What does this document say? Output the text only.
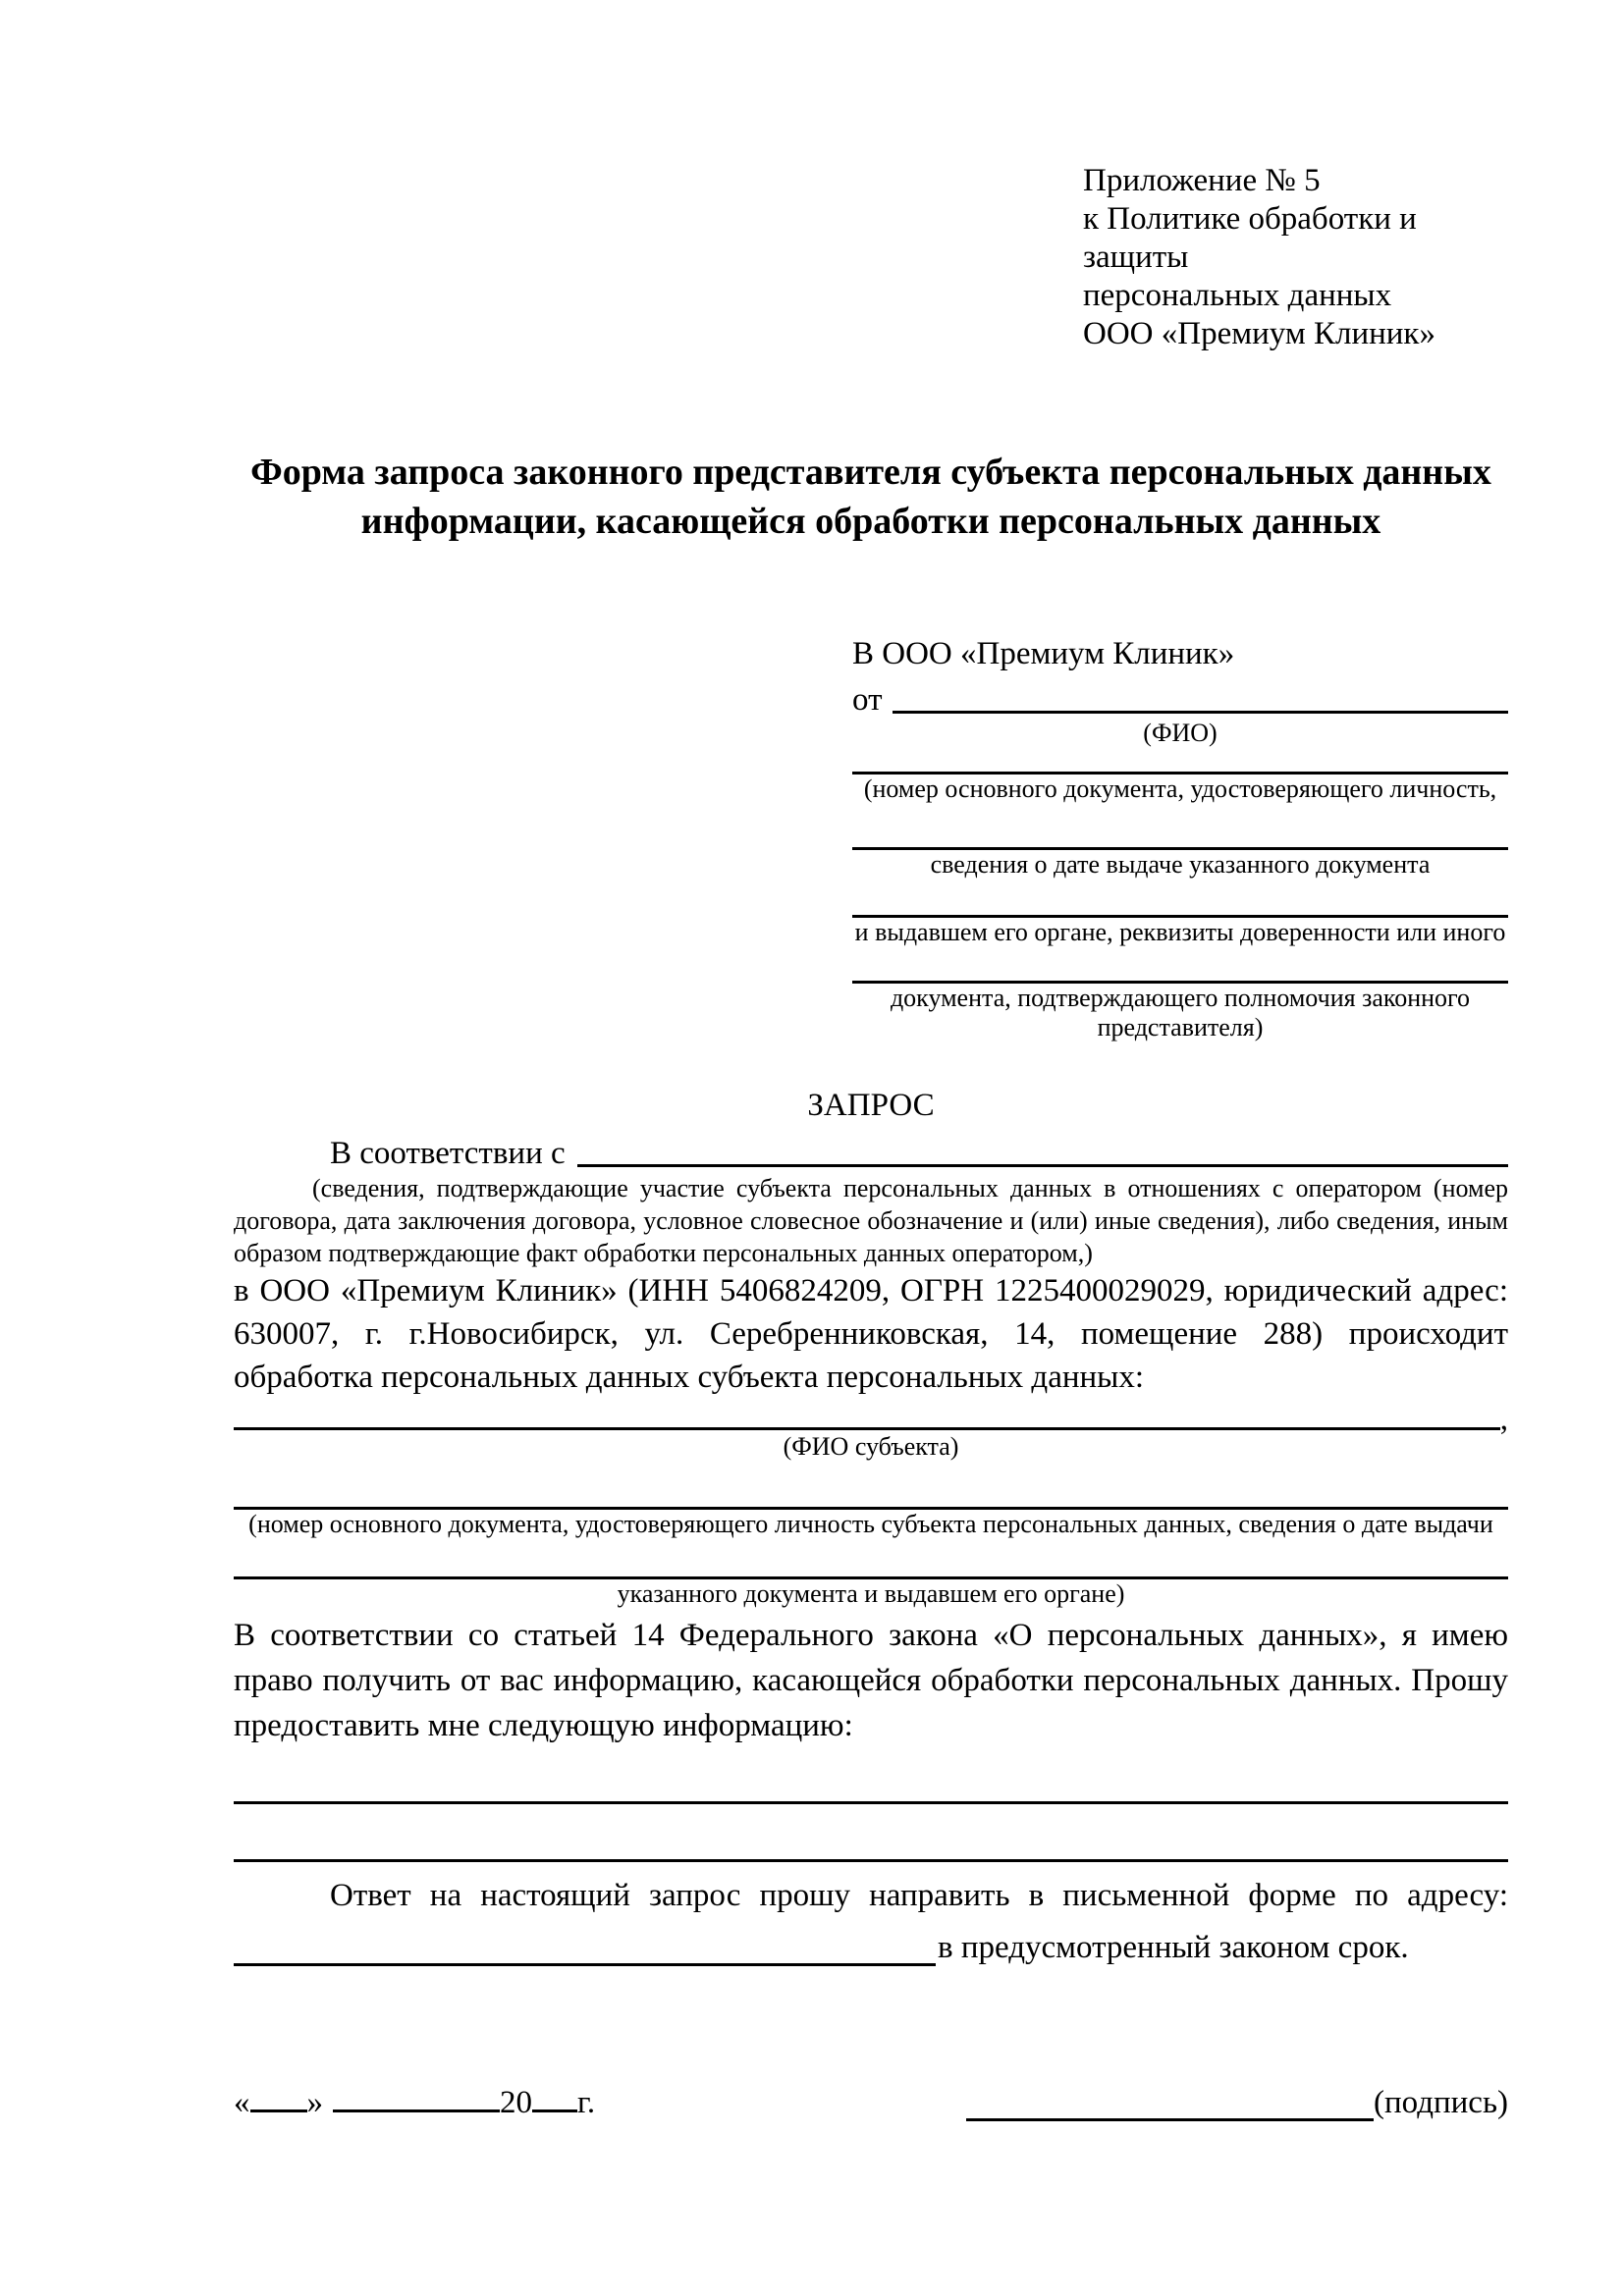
Приложение № 5
к Политике обработки и защиты
персональных данных
ООО «Премиум Клиник»
Форма запроса законного представителя субъекта персональных данных информации, касающейся обработки персональных данных
В ООО «Премиум Клиник»
от
(ФИО)
(номер основного документа, удостоверяющего личность,
сведения о дате выдаче указанного документа
и выдавшем его органе, реквизиты доверенности или иного
документа, подтверждающего полномочия законного представителя)
ЗАПРОС
В соответствии с
(сведения, подтверждающие участие субъекта персональных данных в отношениях с оператором (номер договора, дата заключения договора, условное словесное обозначение и (или) иные сведения), либо сведения, иным образом подтверждающие факт обработки персональных данных оператором,)
в ООО «Премиум Клиник» (ИНН 5406824209, ОГРН 1225400029029, юридический адрес: 630007, г. г.Новосибирск, ул. Серебренниковская, 14, помещение 288) происходит обработка персональных данных субъекта персональных данных:
,
(ФИО субъекта)
(номер основного документа, удостоверяющего личность субъекта персональных данных, сведения о дате выдачи
указанного документа и выдавшем его органе)
В соответствии со статьей 14 Федерального закона «О персональных данных», я имею право получить от вас информацию, касающейся обработки персональных данных. Прошу предоставить мне следующую информацию:
Ответ на настоящий запрос прошу направить в письменной форме по адресу:
в предусмотренный законом срок.
« »	20 г.	(подпись)
